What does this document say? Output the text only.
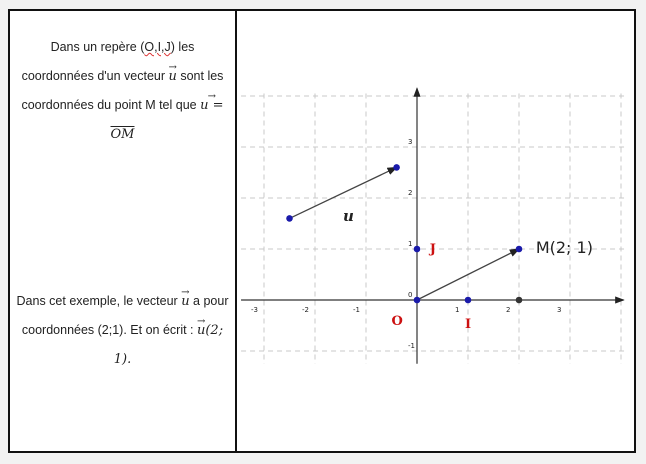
Dans un repère (O,I,J) les coordonnées d'un vecteur → u sont les coordonnées du point M tel que → $u =\overline{OM}$
Dans cet exemple, le vecteur → u a pour coordonnées (2;1). Et on écrit : → u(2; 1).
-3	-2	-1	1	2	3
-1
1
2
3
u
M(2; 1)
J
I
O
0
